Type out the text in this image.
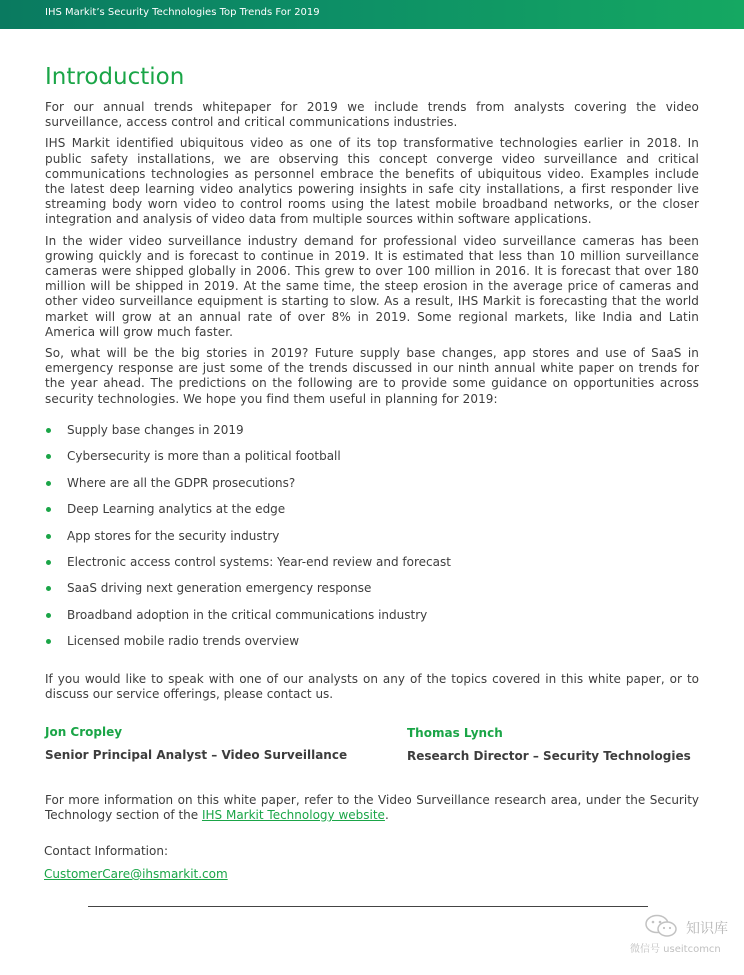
IHS Markit’s Security Technologies Top Trends For 2019
Introduction

For our annual trends whitepaper for 2019 we include trends from analysts covering the video surveillance, access control and critical communications industries.

IHS Markit identified ubiquitous video as one of its top transformative technologies earlier in 2018. In public safety installations, we are observing this concept converge video surveillance and critical communications technologies as personnel embrace the benefits of ubiquitous video. Examples include the latest deep learning video analytics powering insights in safe city installations, a first responder live streaming body worn video to control rooms using the latest mobile broadband networks, or the closer integration and analysis of video data from multiple sources within software applications.

In the wider video surveillance industry demand for professional video surveillance cameras has been growing quickly and is forecast to continue in 2019. It is estimated that less than 10 million surveillance cameras were shipped globally in 2006. This grew to over 100 million in 2016. It is forecast that over 180 million will be shipped in 2019. At the same time, the steep erosion in the average price of cameras and other video surveillance equipment is starting to slow. As a result, IHS Markit is forecasting that the world market will grow at an annual rate of over 8% in 2019. Some regional markets, like India and Latin America will grow much faster.

So, what will be the big stories in 2019? Future supply base changes, app stores and use of SaaS in emergency response are just some of the trends discussed in our ninth annual white paper on trends for the year ahead. The predictions on the following are to provide some guidance on opportunities across security technologies. We hope you find them useful in planning for 2019:

Supply base changes in 2019
Cybersecurity is more than a political football
Where are all the GDPR prosecutions?
Deep Learning analytics at the edge
App stores for the security industry
Electronic access control systems: Year-end review and forecast
SaaS driving next generation emergency response
Broadband adoption in the critical communications industry
Licensed mobile radio trends overview

If you would like to speak with one of our analysts on any of the topics covered in this white paper, or to discuss our service offerings, please contact us.

Jon Cropley
Senior Principal Analyst – Video Surveillance
Thomas Lynch
Research Director – Security Technologies

For more information on this white paper, refer to the Video Surveillance research area, under the Security Technology section of the IHS Markit Technology website.

Contact Information:
CustomerCare@ihsmarkit.com
知识库
微信号 useitcomcn
